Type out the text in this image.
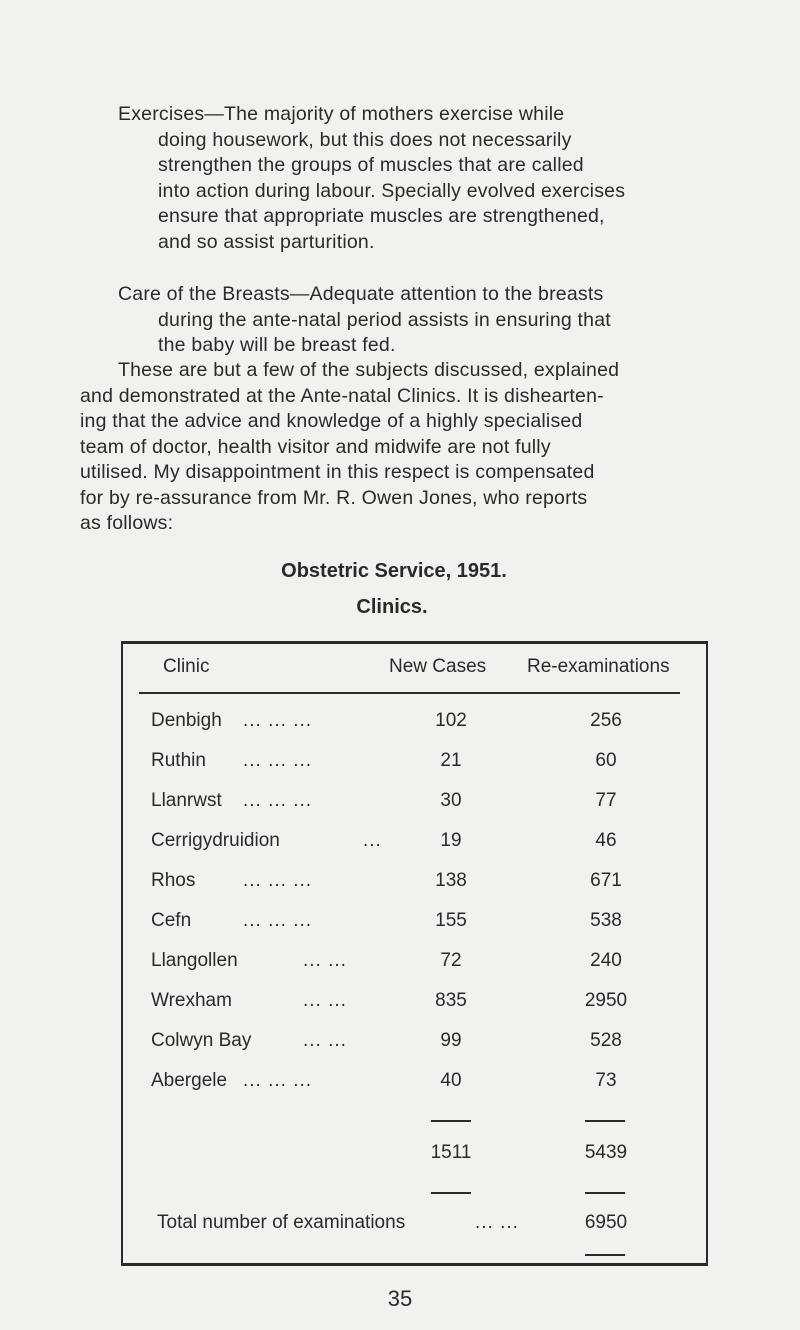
Exercises—The majority of mothers exercise while
doing housework, but this does not necessarily
strengthen the groups of muscles that are called
into action during labour. Specially evolved exercises
ensure that appropriate muscles are strengthened,
and so assist parturition.

Care of the Breasts—Adequate attention to the breasts
during the ante-natal period assists in ensuring that
the baby will be breast fed.

These are but a few of the subjects discussed, explained
and demonstrated at the Ante-natal Clinics. It is dishearten-
ing that the advice and knowledge of a highly specialised
team of doctor, health visitor and midwife are not fully
utilised. My disappointment in this respect is compensated
for by re-assurance from Mr. R. Owen Jones, who reports
as follows:

Obstetric Service, 1951.
Clinics.
Clinic	New Cases Re-examinations
Denbigh ... ... ...	102	256
Ruthin ... ... ...	21	60
Llanrwst ... ... ...	30	77
Cerrigydruidion	...	19	46
Rhos	... ... ...	138	671
Cefn	... ... ...	155	538
Llangollen	... ...	72	240
Wrexham	... ...	835	2950
Colwyn Bay	... ...	99	528
Abergele ... ... ...	40	73
1511	5439
Total number of examinations	... ...	6950
35
